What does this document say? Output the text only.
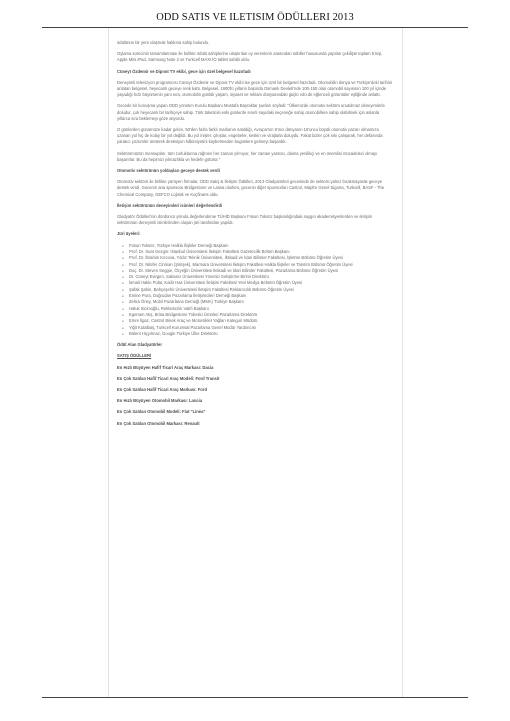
ODD SATIS VE ILETISIM ÖDÜLLERI 2013

ödülünün bir yere ulaşmak hakkına sahip bulundu.

Oylama sürecinin tamamlanması ile birlikte ödülü sahiplerine ulaştırılan oy verenlerin arasından ödüller hususunda yapılan çekilişte toplam 5 kişi, Apple Mini iPad, Samsung Note 2 ve Turkcell MAXI İO tablet sahibi oldu.

Cüneyt Özdemir ve Dipnot TV ekibi, gece için özel belgesel hazırladı

Deneyimli televizyon programcısı Cüneyt Özdemir ve Dipnot TV ekibi ise gece için özel bir belgesel hazırladı. Otomobilin dünya ve Türkiye'deki tarihini anlatan belgesel, heyecanlı geceye renk kattı. Belgesel, 1900'lü yılların başında Osmanlı Devleti'nde 100-150 olan otomobil sayısının 100 yıl içinde yaşadığı hızlı büyümenin yanı sıra, otomobilin günlük yaşam, siyaset ve reklam dünyasındaki güçlü rolü de eğlenceli görüntüler eşliğinde anlattı.

Gecede bir konuşma yapan ODD yönetim Kurulu Başkanı Mustafa Bayraktar şunları söyledi: "Ülkemizde otomotiv sektörü unutulmaz deneyimlerle doludur, çok heyecanlı bir tarihçeye sahip. Türk tüketicisi eski günlerde sınırlı sayıdaki seçeneğe sahip otomobillere sahip olabilmek için aslanla yıllarca sıra beklemeyi göze alıyordu.

O günlerden günümüze kadar gelen, 50'den fazla farklı markanın satıldığı, Avrupa'nın 6'ıncı dünyanın 16'uncu büyük otomotiv pazarı olmamıza uzanan yol hiç de kolay bir yol değildi. Bu yol inişler, çıkışlar, engebeler, keskin ve virajlarla doluydu. Fakat bizler çok sıkı çalışarak, her defasında yaratıcı çözümler üreterek direksiyon hâkimiyetini kaybetmeden bugünlere gelmeyi başardık.

Sektörümüzün mensupları, tüm zorluklarına rağmen her zaman yılmıyor, her zaman yaratıcı, daima yenilikçi ve en önemlisi mücadeleci olmayı başarırlar. Bu da hepimizi yılmazlıkla ve hedefe götürür."

Otomotiv sektörünün yoldaşları geceye destek verdi

Otomotiv sektörü ile birlikte yürüyen firmalar, ODD Satış & İletişim Ödülleri, 2013 Gladyatörleri gecesinde de sektörü yalnız bırakmayarak geceye destek verdi. Gecenin ana sponsoru Bridgestone ve Lassa olurken, gecenin diğer sponsorları Castrol, Mapfre Genel Sigorta, Turkcell, BASF - The Chemical Company, GEFCO Lojistik ve Koçfinans oldu.

İletişim sektörünün deneyimleri isimleri değerlendirdi

Gladyatör Ödülleri'nin dördüncü yılında değerlendirme TÜHİD Başkanı Füsun Toksöz başkanlığındaki saygın akademisyenlerden ve iletişim sektörünün deneyimli isimlerinden oluşan jüri tarafından yapıldı.

Jüri üyeleri:

● Füsun Toksöz, Türkiye Halkla İlişkiler Derneği Başkanı
● Prof. Dr. Suat Gezgin: İstanbul Üniversitesi İletişim Fakültesi Gazetecilik Bölüm Başkanı
● Prof. Dr. İbrahim Kırcova, Yıldız Teknik Üniversitesi, İktisadi ve İdari Bilimler Fakültesi, İşletme Bölümü Öğretim Üyesi
● Prof. Dr. Nilüfer Cinman (Şimşek), Marmara Üniversitesi İletişim Fakültesi Halkla İlişkiler ve Tanıtım Bölümü Öğretim Üyesi
● Doç. Dr. Steven Seggie, Özyeğin Üniversitesi İktisadi ve İdari Bilimler Fakültesi, Pazarlama Bölümü Öğretim Üyesi
● Dr. Cüneyt Evirgen, Sabancı Üniversitesi Yönetici Geliştirme Birimi Direktörü
● İsmail Hakkı Polat, Kadir Has Üniversitesi İletişim Fakültesi Yeni Medya Bölümü Öğretim Üyesi
● Şafak Şahin, Bahçeşehir Üniversitesi İletişim Fakültesi Reklamcılık Bölümü Öğretim Üyesi
● Emine Pura, Doğrudan Pazarlama İletişimcileri Derneği Başkanı
● Zehra Öney, Mobil Pazarlama Derneği (MMA) Türkiye Başkanı
● Haluk Sicimoğlu, Reklamcılık Vakfı Başkanı
● Egemen Atış, Brisa Bridgestone Tüketici Ürünleri Pazarlama Direktörü
● Emre İlgaz, Castrol Binek Araç ve Motorsiklet Yağları Kategori Müdürü
● Yiğit Kutalbaş, Turkcell Kurumsal Pazarlama Genel Müdür Yardımcısı
● Bülent Hiçyılmaz, Google Türkiye Ülke Direktörü

Ödül Alan Gladyatörler

SATIŞ ÖDÜLLERİ

En Hızlı Büyüyen Hafif Ticari Araç Markası: Dacia

En Çok Satılan Hafif Ticari Araç Modeli: Ford Transit

En Çok Satılan Hafif Ticari Araç Markası: Ford

En Hızlı Büyüyen Otomobil Markası: Lancia

En Çok Satılan Otomobil Modeli: Fiat "Linea"

En Çok Satılan Otomobil Markası: Renault
